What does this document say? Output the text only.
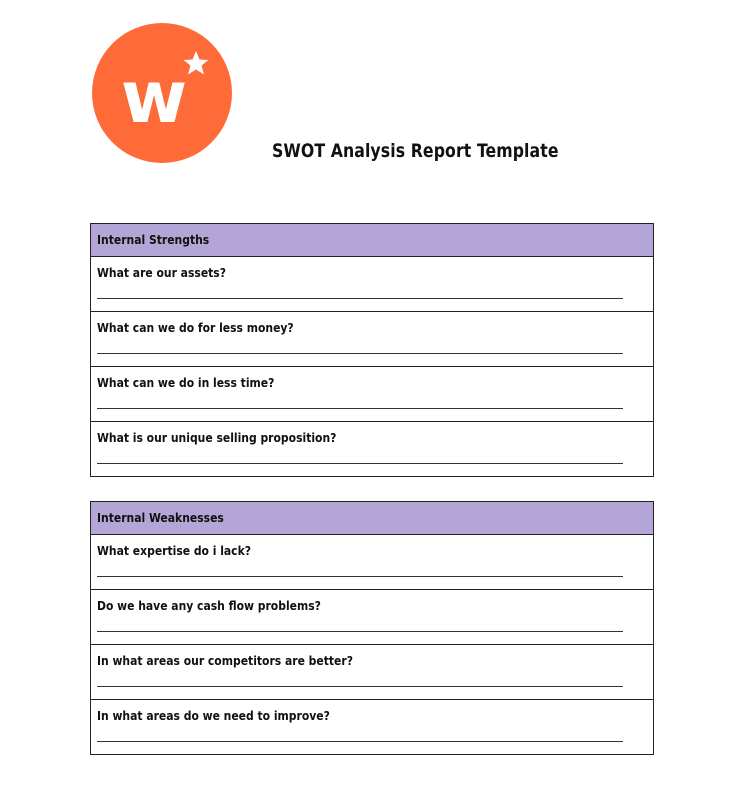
w
SWOT Analysis Report Template
Internal Strengths
What are our assets?
What can we do for less money?
What can we do in less time?
What is our unique selling proposition?
Internal Weaknesses
What expertise do i lack?
Do we have any cash flow problems?
In what areas our competitors are better?
In what areas do we need to improve?
